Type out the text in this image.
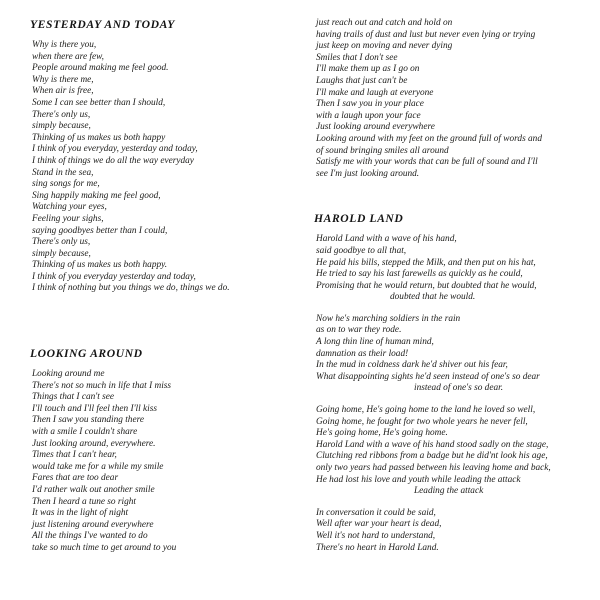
YESTERDAY AND TODAY
Why is there you,
when there are few,
People around making me feel good.
Why is there me,
When air is free,
Some I can see better than I should,
There's only us,
simply because,
Thinking of us makes us both happy
I think of you everyday, yesterday and today,
I think of things we do all the way everyday
Stand in the sea,
sing songs for me,
Sing happily making me feel good,
Watching your eyes,
Feeling your sighs,
saying goodbyes better than I could,
There's only us,
simply because,
Thinking of us makes us both happy.
I think of you everyday yesterday and today,
I think of nothing but you things we do, things we do.
LOOKING AROUND
Looking around me
There's not so much in life that I miss
Things that I can't see
I'll touch and I'll feel then I'll kiss
Then I saw you standing there
with a smile I couldn't share
Just looking around, everywhere.
Times that I can't hear,
would take me for a while my smile
Fares that are too dear
I'd rather walk out another smile
Then I heard a tune so right
It was in the light of night
just listening around everywhere
All the things I've wanted to do
take so much time to get around to you
just reach out and catch and hold on
having trails of dust and lust but never even lying or trying
just keep on moving and never dying
Smiles that I don't see
I'll make them up as I go on
Laughs that just can't be
I'll make and laugh at everyone
Then I saw you in your place
with a laugh upon your face
Just looking around everywhere
Looking around with my feet on the ground full of words and
of sound bringing smiles all around
Satisfy me with your words that can be full of sound and I'll
see I'm just looking around.
HAROLD LAND
Harold Land with a wave of his hand,
said goodbye to all that,
He paid his bills, stepped the Milk, and then put on his hat,
He tried to say his last farewells as quickly as he could,
Promising that he would return, but doubted that he would,
doubted that he would.
Now he's marching soldiers in the rain
as on to war they rode.
A long thin line of human mind,
damnation as their load!
In the mud in coldness dark he'd shiver out his fear,
What disappointing sights he'd seen instead of one's so dear
instead of one's so dear.
Going home, He's going home to the land he loved so well,
Going home, he fought for two whole years he never fell,
He's going home, He's going home.
Harold Land with a wave of his hand stood sadly on the stage,
Clutching red ribbons from a badge but he did'nt look his age,
only two years had passed between his leaving home and back,
He had lost his love and youth while leading the attack
Leading the attack
In conversation it could be said,
Well after war your heart is dead,
Well it's not hard to understand,
There's no heart in Harold Land.
